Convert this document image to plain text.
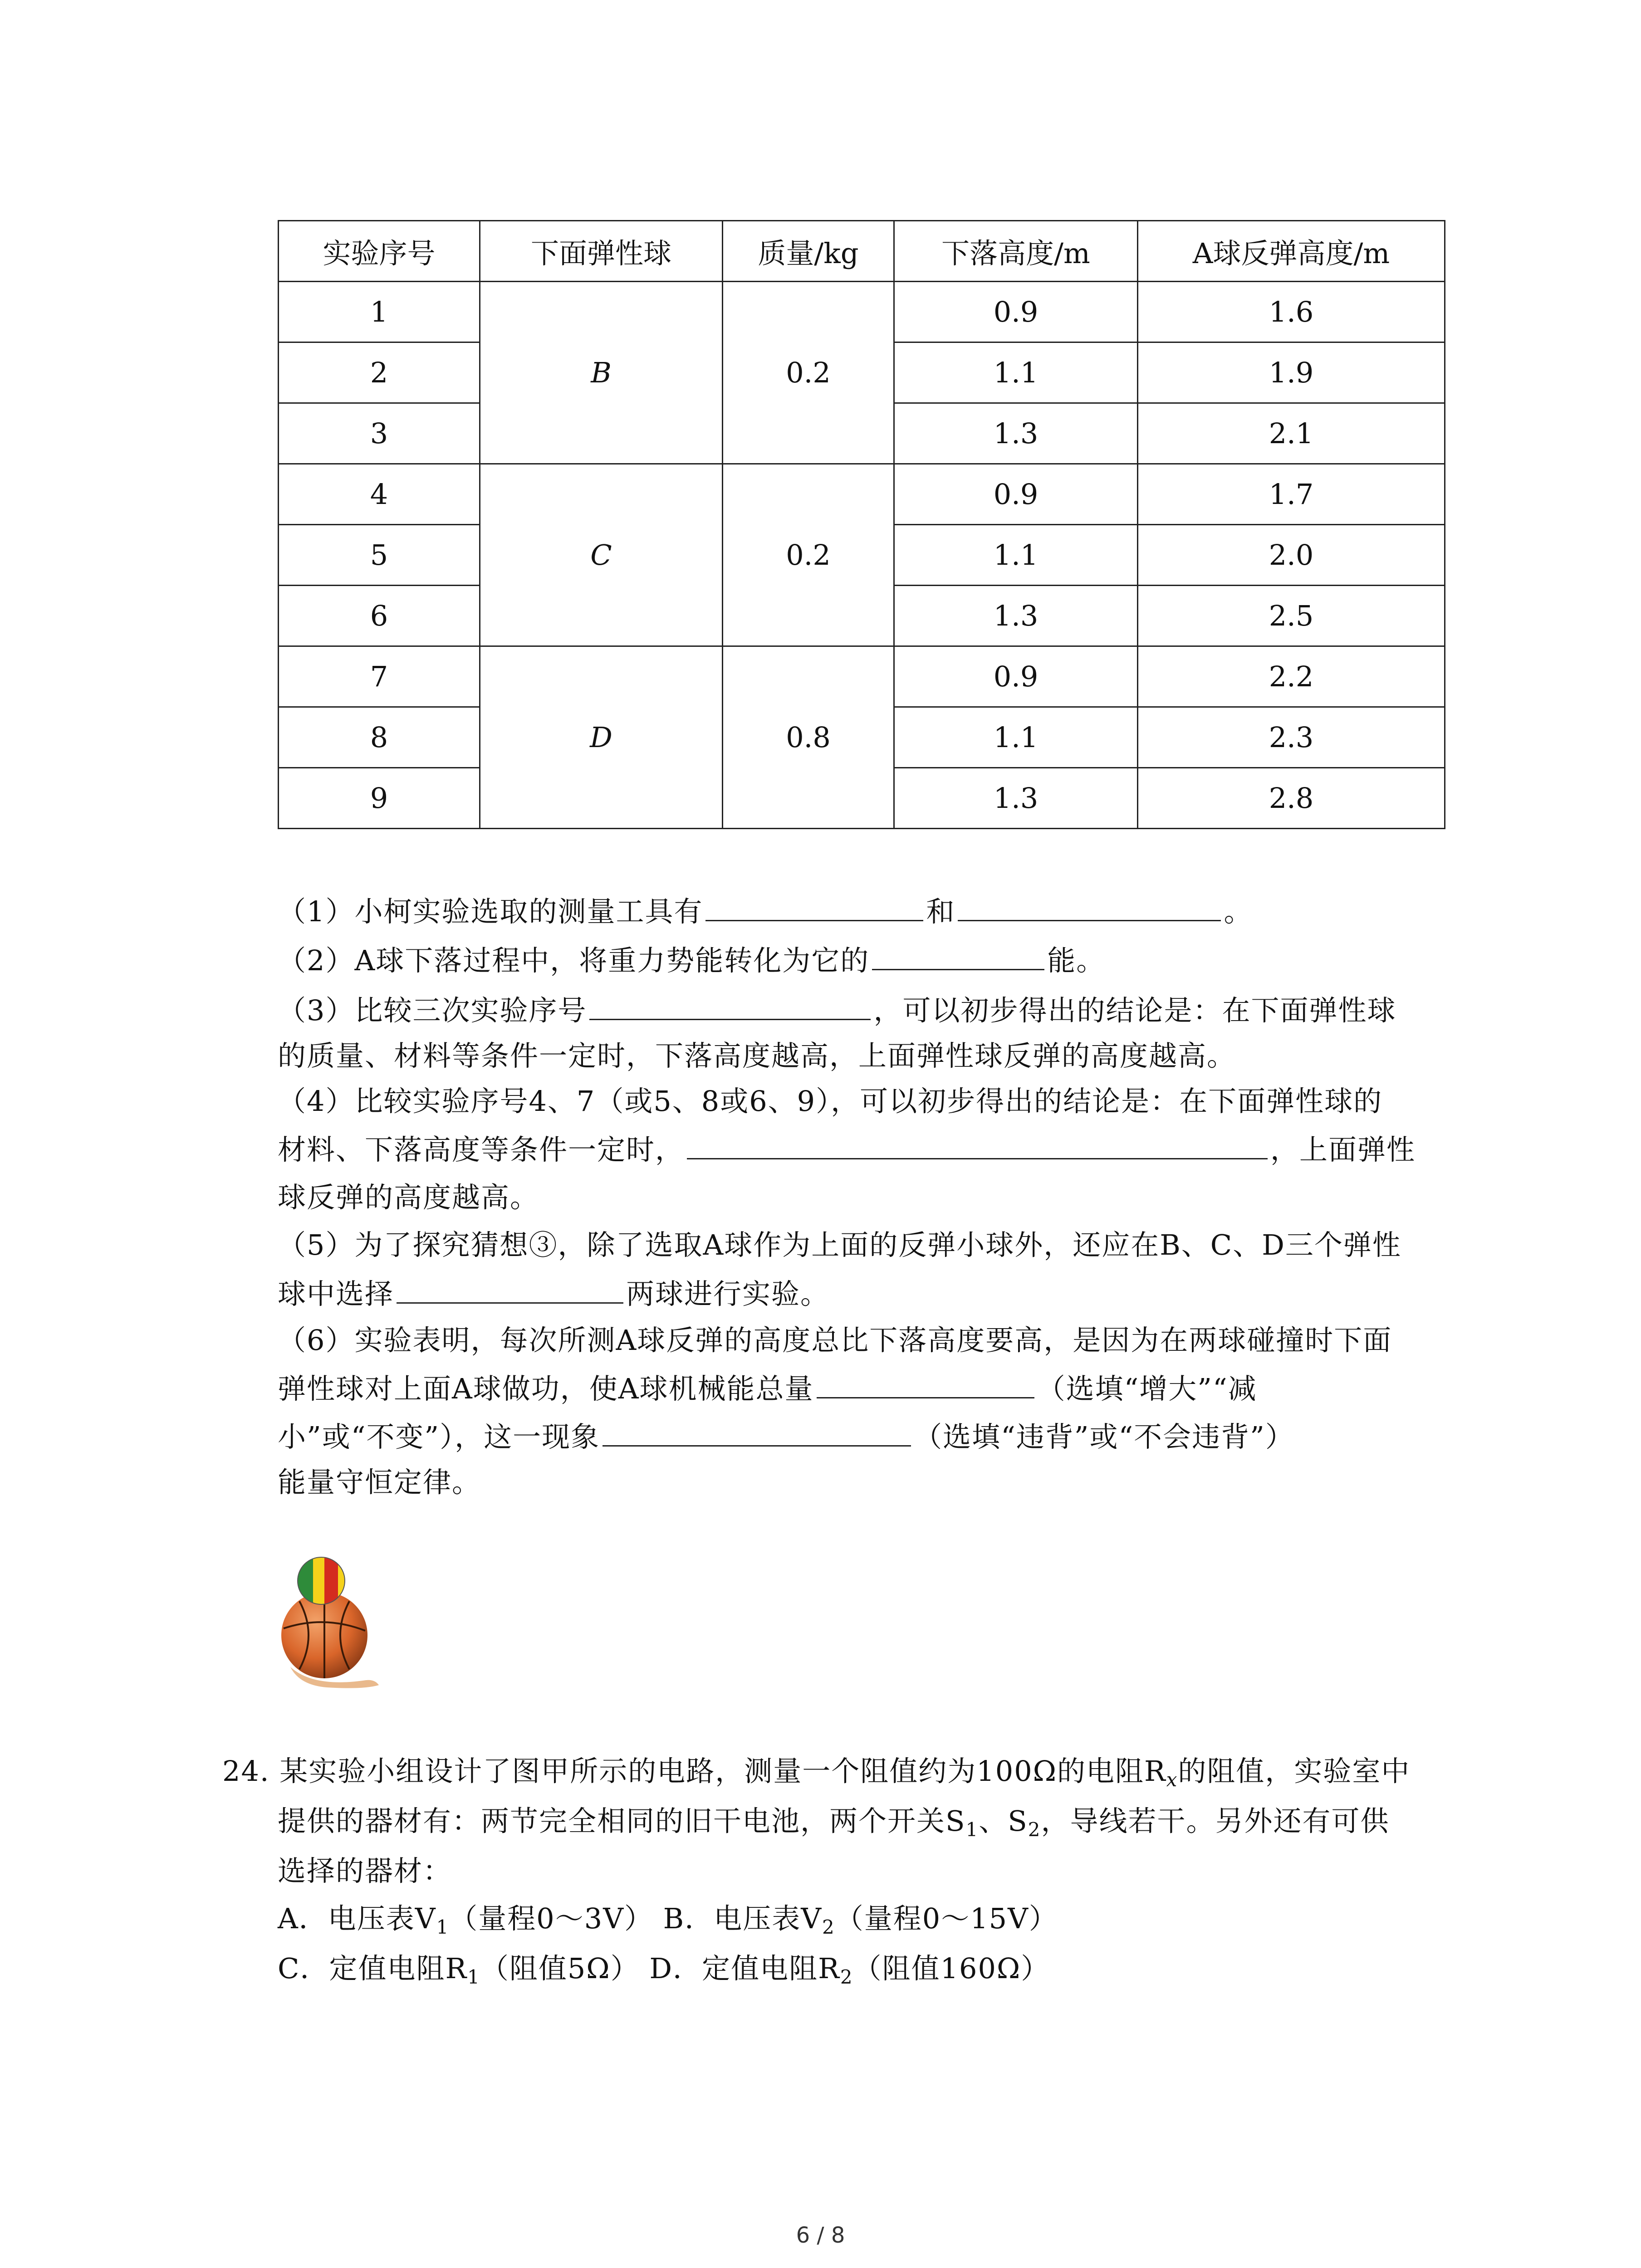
实验序号	下面弹性球	质量/kg	下落高度/m	A球反弹高度/m
1	B	0.2	0.9	1.6
2			1.1	1.9
3			1.3	2.1
4	C	0.2	0.9	1.7
5			1.1	2.0
6			1.3	2.5
7	D	0.8	0.9	2.2
8			1.1	2.3
9			1.3	2.8
（1）小柯实验选取的测量工具有	和	。
（2）A球下落过程中，将重力势能转化为它的	能。
（3）比较三次实验序号	，可以初步得出的结论是：在下面弹性球
的质量、材料等条件一定时，下落高度越高，上面弹性球反弹的高度越高。
（4）比较实验序号4、7（或5、8或6、9），可以初步得出的结论是：在下面弹性球的
材料、下落高度等条件一定时，	，上面弹性
球反弹的高度越高。
（5）为了探究猜想③，除了选取A球作为上面的反弹小球外，还应在B、C、D三个弹性
球中选择	两球进行实验。
（6）实验表明，每次所测A球反弹的高度总比下落高度要高，是因为在两球碰撞时下面
弹性球对上面A球做功，使A球机械能总量	（选填“增大”“减
小”或“不变”），这一现象	（选填“违背”或“不会违背”）
能量守恒定律。
24. 某实验小组设计了图甲所示的电路，测量一个阻值约为100Ω的电阻$R_x$的阻值，实验室中
提供的器材有：两节完全相同的旧干电池，两个开关$S_1$、$S_2$，导线若干。另外还有可供
选择的器材：
A．电压表$V_1$（量程0～3V） B．电压表$V_2$（量程0～15V）
C．定值电阻$R_1$（阻值5Ω） D．定值电阻$R_2$（阻值160Ω）
6 / 8
